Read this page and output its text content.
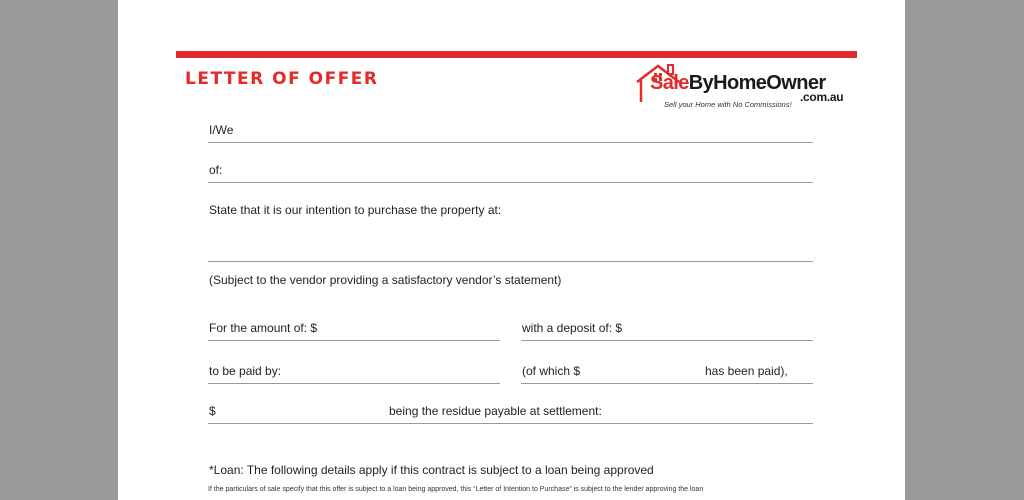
LETTER OF OFFER	SaleByHomeOwner
.com.au
Sell your Home with No Commissions!
I/We
of:
State that it is our intention to purchase the property at:
(Subject to the vendor providing a satisfactory vendor’s statement)
For the amount of: $	with a deposit of: $
to be paid by:	(of which $	has been paid),
$	being the residue payable at settlement:
*Loan: The following details apply if this contract is subject to a loan being approved
If the particulars of sale specify that this offer is subject to a loan being approved, this “Letter of Intention to Purchase” is subject to the lender approving the loan
